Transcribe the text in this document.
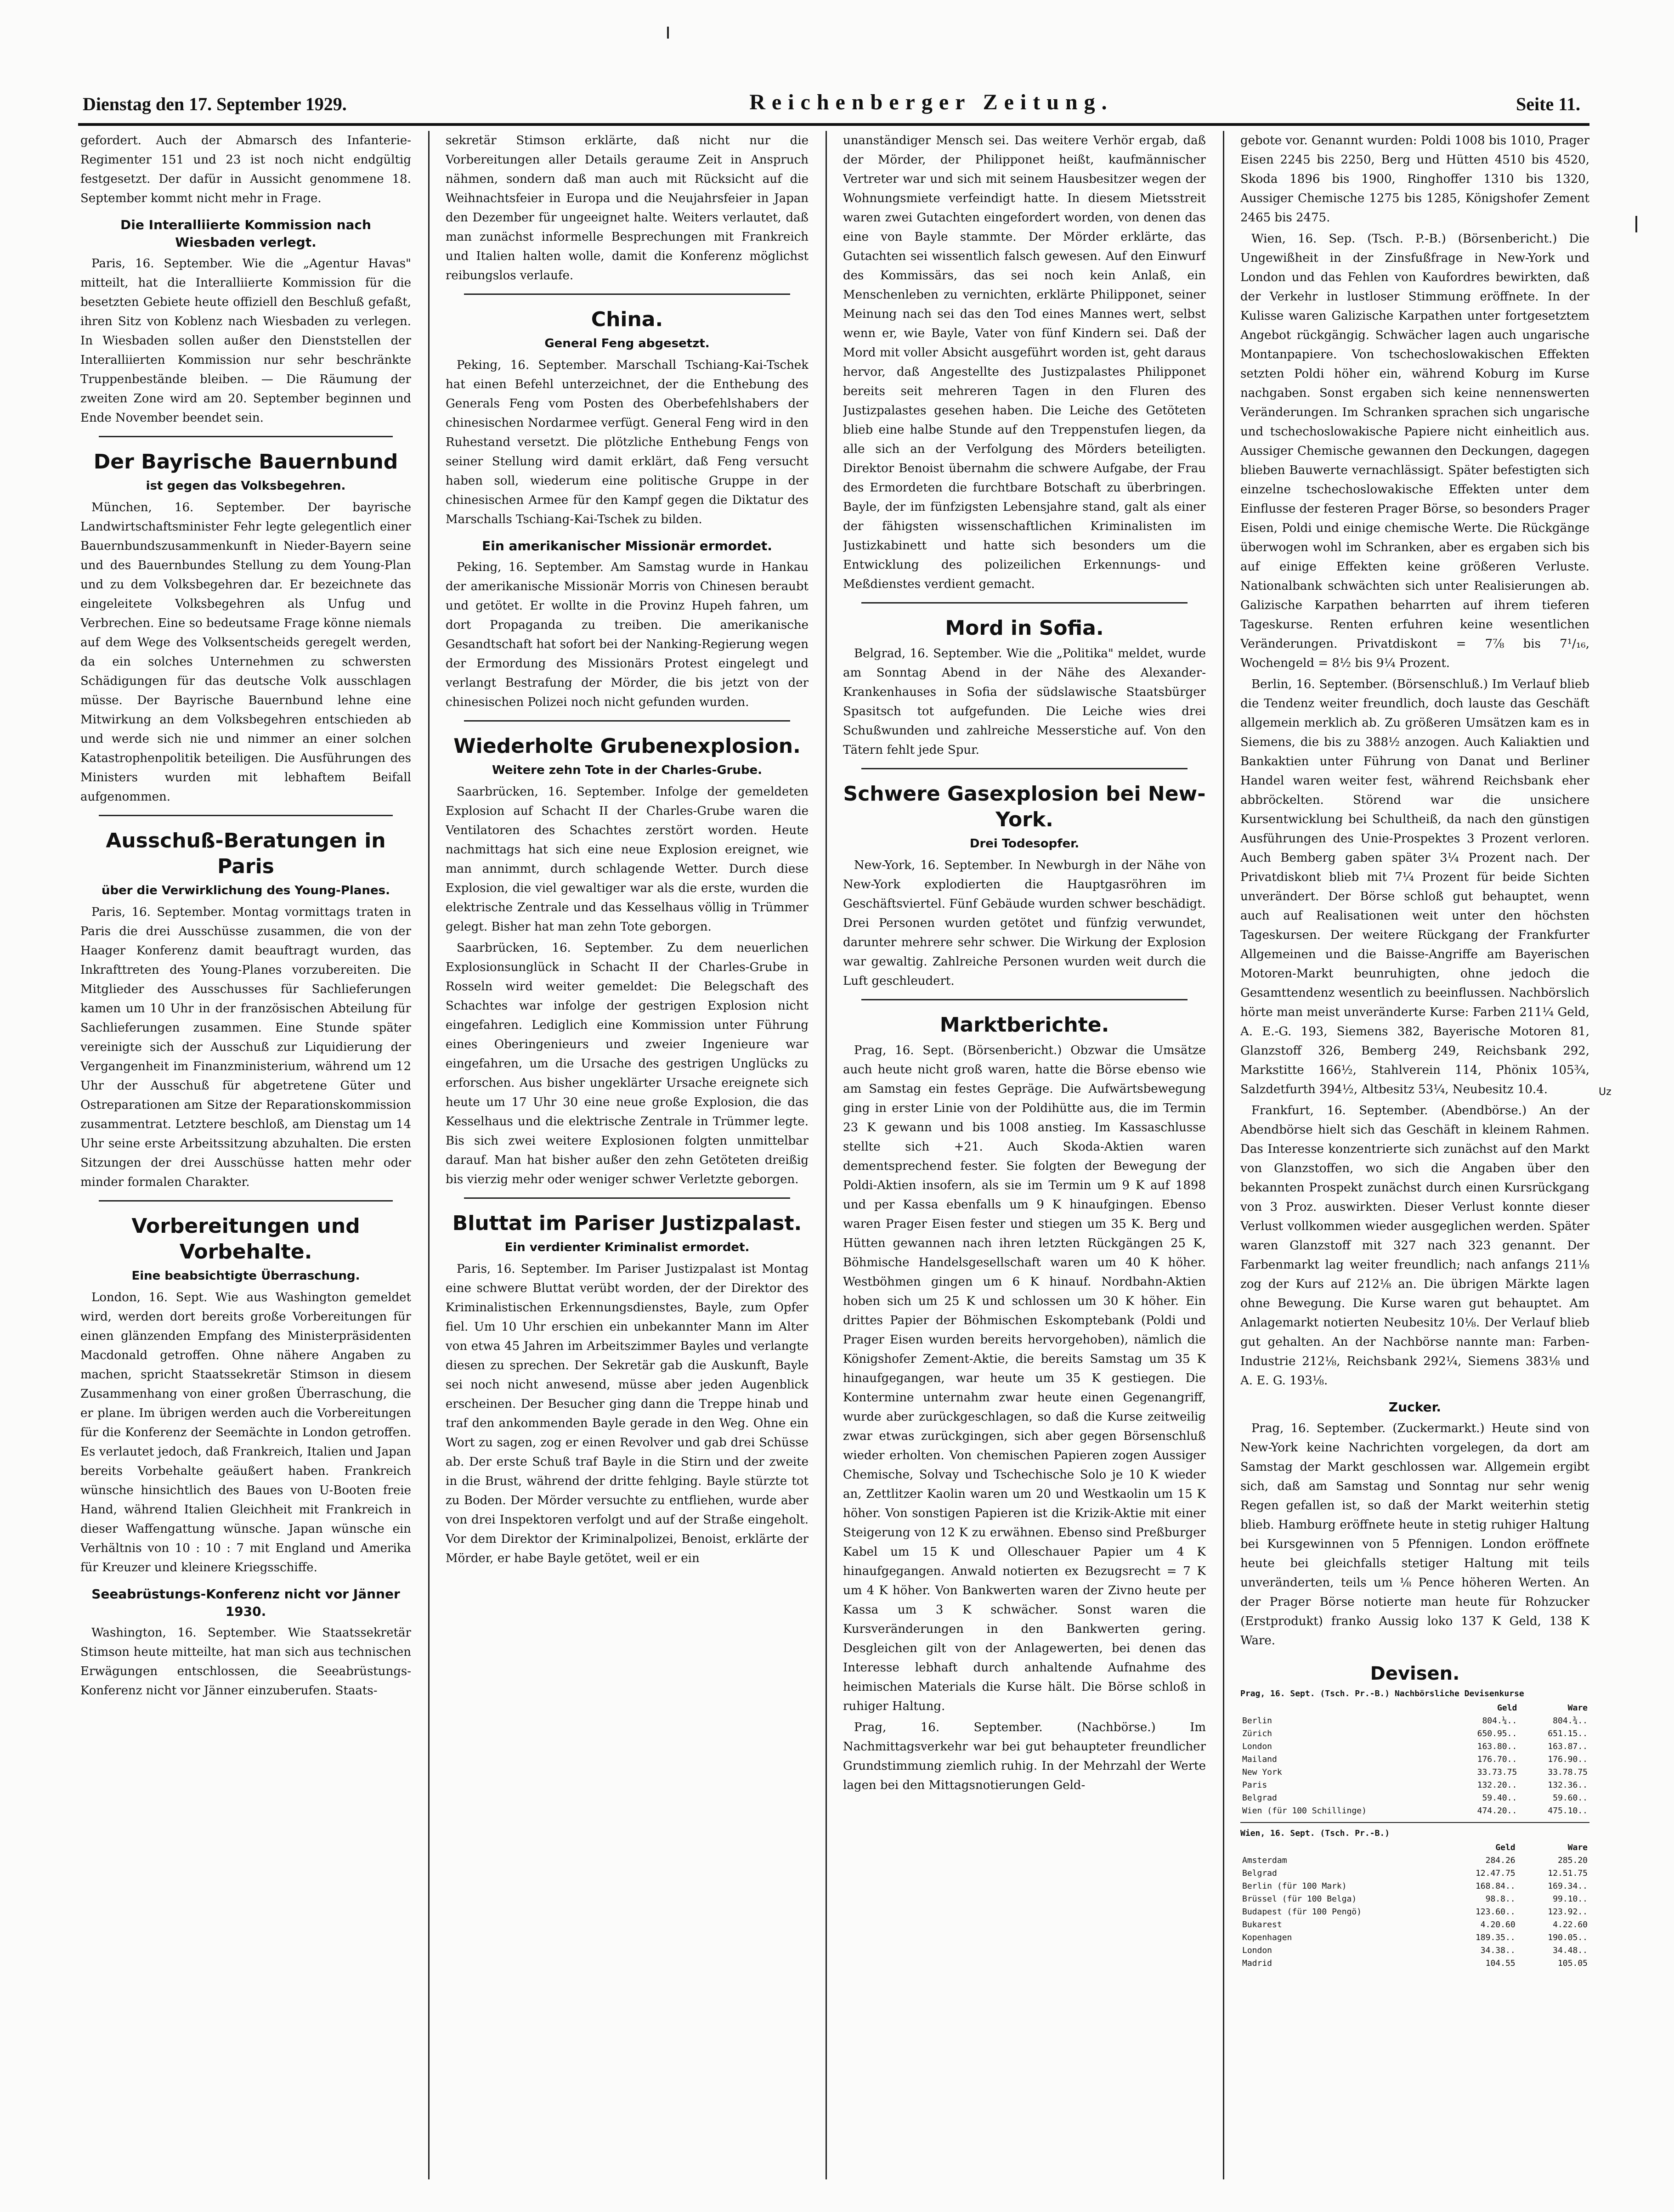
Dienstag den 17. September 1929.	Reichenberger Zeitung.	Seite 11.

gefordert. Auch der Abmarsch des Infanterie-Regimenter 151 und 23 ist noch nicht endgültig festgesetzt. Der dafür in Aussicht genommene 18. September kommt nicht mehr in Frage.

Die Interalliierte Kommission nach Wiesbaden verlegt.

Paris, 16. September. Wie die „Agentur Havas" mitteilt, hat die Interalliierte Kommission für die besetzten Gebiete heute offiziell den Beschluß gefaßt, ihren Sitz von Koblenz nach Wiesbaden zu verlegen. In Wiesbaden sollen außer den Dienststellen der Interalliierten Kommission nur sehr beschränkte Truppenbestände bleiben. — Die Räumung der zweiten Zone wird am 20. September beginnen und Ende November beendet sein.

Der Bayrische Bauernbund
ist gegen das Volksbegehren.

München, 16. September. Der bayrische Landwirtschaftsminister Fehr legte gelegentlich einer Bauernbundszusammenkunft in Nieder-Bayern seine und des Bauernbundes Stellung zu dem Young-Plan und zu dem Volksbegehren dar. Er bezeichnete das eingeleitete Volksbegehren als Unfug und Verbrechen. Eine so bedeutsame Frage könne niemals auf dem Wege des Volksentscheids geregelt werden, da ein solches Unternehmen zu schwersten Schädigungen für das deutsche Volk ausschlagen müsse. Der Bayrische Bauernbund lehne eine Mitwirkung an dem Volksbegehren entschieden ab und werde sich nie und nimmer an einer solchen Katastrophenpolitik beteiligen. Die Ausführungen des Ministers wurden mit lebhaftem Beifall aufgenommen.

Ausschuß-Beratungen in Paris
über die Verwirklichung des Young-Planes.

Paris, 16. September. Montag vormittags traten in Paris die drei Ausschüsse zusammen, die von der Haager Konferenz damit beauftragt wurden, das Inkrafttreten des Young-Planes vorzubereiten. Die Mitglieder des Ausschusses für Sachlieferungen kamen um 10 Uhr in der französischen Abteilung für Sachlieferungen zusammen. Eine Stunde später vereinigte sich der Ausschuß zur Liquidierung der Vergangenheit im Finanzministerium, während um 12 Uhr der Ausschuß für abgetretene Güter und Ostreparationen am Sitze der Reparationskommission zusammentrat. Letztere beschloß, am Dienstag um 14 Uhr seine erste Arbeitssitzung abzuhalten. Die ersten Sitzungen der drei Ausschüsse hatten mehr oder minder formalen Charakter.

Vorbereitungen und Vorbehalte.
Eine beabsichtigte Überraschung.

London, 16. Sept. Wie aus Washington gemeldet wird, werden dort bereits große Vorbereitungen für einen glänzenden Empfang des Ministerpräsidenten Macdonald getroffen. Ohne nähere Angaben zu machen, spricht Staatssekretär Stimson in diesem Zusammenhang von einer großen Überraschung, die er plane. Im übrigen werden auch die Vorbereitungen für die Konferenz der Seemächte in London getroffen. Es verlautet jedoch, daß Frankreich, Italien und Japan bereits Vorbehalte geäußert haben. Frankreich wünsche hinsichtlich des Baues von U-Booten freie Hand, während Italien Gleichheit mit Frankreich in dieser Waffengattung wünsche. Japan wünsche ein Verhältnis von 10 : 10 : 7 mit England und Amerika für Kreuzer und kleinere Kriegsschiffe.

Seeabrüstungs-Konferenz nicht vor Jänner 1930.

Washington, 16. September. Wie Staatssekretär Stimson heute mitteilte, hat man sich aus technischen Erwägungen entschlossen, die Seeabrüstungs-Konferenz nicht vor Jänner einzuberufen. Staats-

sekretär Stimson erklärte, daß nicht nur die Vorbereitungen aller Details geraume Zeit in Anspruch nähmen, sondern daß man auch mit Rücksicht auf die Weihnachtsfeier in Europa und die Neujahrsfeier in Japan den Dezember für ungeeignet halte. Weiters verlautet, daß man zunächst informelle Besprechungen mit Frankreich und Italien halten wolle, damit die Konferenz möglichst reibungslos verlaufe.

China.
General Feng abgesetzt.

Peking, 16. September. Marschall Tschiang-Kai-Tschek hat einen Befehl unterzeichnet, der die Enthebung des Generals Feng vom Posten des Oberbefehlshabers der chinesischen Nordarmee verfügt. General Feng wird in den Ruhestand versetzt. Die plötzliche Enthebung Fengs von seiner Stellung wird damit erklärt, daß Feng versucht haben soll, wiederum eine politische Gruppe in der chinesischen Armee für den Kampf gegen die Diktatur des Marschalls Tschiang-Kai-Tschek zu bilden.

Ein amerikanischer Missionär ermordet.

Peking, 16. September. Am Samstag wurde in Hankau der amerikanische Missionär Morris von Chinesen beraubt und getötet. Er wollte in die Provinz Hupeh fahren, um dort Propaganda zu treiben. Die amerikanische Gesandtschaft hat sofort bei der Nanking-Regierung wegen der Ermordung des Missionärs Protest eingelegt und verlangt Bestrafung der Mörder, die bis jetzt von der chinesischen Polizei noch nicht gefunden wurden.

Wiederholte Grubenexplosion.
Weitere zehn Tote in der Charles-Grube.

Saarbrücken, 16. September. Infolge der gemeldeten Explosion auf Schacht II der Charles-Grube waren die Ventilatoren des Schachtes zerstört worden. Heute nachmittags hat sich eine neue Explosion ereignet, wie man annimmt, durch schlagende Wetter. Durch diese Explosion, die viel gewaltiger war als die erste, wurden die elektrische Zentrale und das Kesselhaus völlig in Trümmer gelegt. Bisher hat man zehn Tote geborgen.

Saarbrücken, 16. September. Zu dem neuerlichen Explosionsunglück in Schacht II der Charles-Grube in Rosseln wird weiter gemeldet: Die Belegschaft des Schachtes war infolge der gestrigen Explosion nicht eingefahren. Lediglich eine Kommission unter Führung eines Oberingenieurs und zweier Ingenieure war eingefahren, um die Ursache des gestrigen Unglücks zu erforschen. Aus bisher ungeklärter Ursache ereignete sich heute um 17 Uhr 30 eine neue große Explosion, die das Kesselhaus und die elektrische Zentrale in Trümmer legte. Bis sich zwei weitere Explosionen folgten unmittelbar darauf. Man hat bisher außer den zehn Getöteten dreißig bis vierzig mehr oder weniger schwer Verletzte geborgen.

Bluttat im Pariser Justizpalast.
Ein verdienter Kriminalist ermordet.

Paris, 16. September. Im Pariser Justizpalast ist Montag eine schwere Bluttat verübt worden, der der Direktor des Kriminalistischen Erkennungsdienstes, Bayle, zum Opfer fiel. Um 10 Uhr erschien ein unbekannter Mann im Alter von etwa 45 Jahren im Arbeitszimmer Bayles und verlangte diesen zu sprechen. Der Sekretär gab die Auskunft, Bayle sei noch nicht anwesend, müsse aber jeden Augenblick erscheinen. Der Besucher ging dann die Treppe hinab und traf den ankommenden Bayle gerade in den Weg. Ohne ein Wort zu sagen, zog er einen Revolver und gab drei Schüsse ab. Der erste Schuß traf Bayle in die Stirn und der zweite in die Brust, während der dritte fehlging. Bayle stürzte tot zu Boden. Der Mörder versuchte zu entfliehen, wurde aber von drei Inspektoren verfolgt und auf der Straße eingeholt. Vor dem Direktor der Kriminalpolizei, Benoist, erklärte der Mörder, er habe Bayle getötet, weil er ein

unanständiger Mensch sei. Das weitere Verhör ergab, daß der Mörder, der Philipponet heißt, kaufmännischer Vertreter war und sich mit seinem Hausbesitzer wegen der Wohnungsmiete verfeindigt hatte. In diesem Mietsstreit waren zwei Gutachten eingefordert worden, von denen das eine von Bayle stammte. Der Mörder erklärte, das Gutachten sei wissentlich falsch gewesen. Auf den Einwurf des Kommissärs, das sei noch kein Anlaß, ein Menschenleben zu vernichten, erklärte Philipponet, seiner Meinung nach sei das den Tod eines Mannes wert, selbst wenn er, wie Bayle, Vater von fünf Kindern sei. Daß der Mord mit voller Absicht ausgeführt worden ist, geht daraus hervor, daß Angestellte des Justizpalastes Philipponet bereits seit mehreren Tagen in den Fluren des Justizpalastes gesehen haben. Die Leiche des Getöteten blieb eine halbe Stunde auf den Treppenstufen liegen, da alle sich an der Verfolgung des Mörders beteiligten. Direktor Benoist übernahm die schwere Aufgabe, der Frau des Ermordeten die furchtbare Botschaft zu überbringen. Bayle, der im fünfzigsten Lebensjahre stand, galt als einer der fähigsten wissenschaftlichen Kriminalisten im Justizkabinett und hatte sich besonders um die Entwicklung des polizeilichen Erkennungs- und Meßdienstes verdient gemacht.

Mord in Sofia.

Belgrad, 16. September. Wie die „Politika" meldet, wurde am Sonntag Abend in der Nähe des Alexander-Krankenhauses in Sofia der südslawische Staatsbürger Spasitsch tot aufgefunden. Die Leiche wies drei Schußwunden und zahlreiche Messerstiche auf. Von den Tätern fehlt jede Spur.

Schwere Gasexplosion bei New-York.
Drei Todesopfer.

New-York, 16. September. In Newburgh in der Nähe von New-York explodierten die Hauptgasröhren im Geschäftsviertel. Fünf Gebäude wurden schwer beschädigt. Drei Personen wurden getötet und fünfzig verwundet, darunter mehrere sehr schwer. Die Wirkung der Explosion war gewaltig. Zahlreiche Personen wurden weit durch die Luft geschleudert.

Marktberichte.

Prag, 16. Sept. (Börsenbericht.) Obzwar die Umsätze auch heute nicht groß waren, hatte die Börse ebenso wie am Samstag ein festes Gepräge. Die Aufwärtsbewegung ging in erster Linie von der Poldihütte aus, die im Termin 23 K gewann und bis 1008 anstieg. Im Kassaschlusse stellte sich +21. Auch Skoda-Aktien waren dementsprechend fester. Sie folgten der Bewegung der Poldi-Aktien insofern, als sie im Termin um 9 K auf 1898 und per Kassa ebenfalls um 9 K hinaufgingen. Ebenso waren Prager Eisen fester und stiegen um 35 K. Berg und Hütten gewannen nach ihren letzten Rückgängen 25 K, Böhmische Handelsgesellschaft waren um 40 K höher. Westböhmen gingen um 6 K hinauf. Nordbahn-Aktien hoben sich um 25 K und schlossen um 30 K höher. Ein drittes Papier der Böhmischen Eskomptebank (Poldi und Prager Eisen wurden bereits hervorgehoben), nämlich die Königshofer Zement-Aktie, die bereits Samstag um 35 K hinaufgegangen, war heute um 35 K gestiegen. Die Kontermine unternahm zwar heute einen Gegenangriff, wurde aber zurückgeschlagen, so daß die Kurse zeitweilig zwar etwas zurückgingen, sich aber gegen Börsenschluß wieder erholten. Von chemischen Papieren zogen Aussiger Chemische, Solvay und Tschechische Solo je 10 K wieder an, Zettlitzer Kaolin waren um 20 und Westkaolin um 15 K höher. Von sonstigen Papieren ist die Krizik-Aktie mit einer Steigerung von 12 K zu erwähnen. Ebenso sind Preßburger Kabel um 15 K und Olleschauer Papier um 4 K hinaufgegangen. Anwald notierten ex Bezugsrecht = 7 K um 4 K höher. Von Bankwerten waren der Zivno heute per Kassa um 3 K schwächer. Sonst waren die Kursveränderungen in den Bankwerten gering. Desgleichen gilt von der Anlagewerten, bei denen das Interesse lebhaft durch anhaltende Aufnahme des heimischen Materials die Kurse hält. Die Börse schloß in ruhiger Haltung.

Prag, 16. September. (Nachbörse.) Im Nachmittagsverkehr war bei gut behaupteter freundlicher Grundstimmung ziemlich ruhig. In der Mehrzahl der Werte lagen bei den Mittagsnotierungen Geld-

gebote vor. Genannt wurden: Poldi 1008 bis 1010, Prager Eisen 2245 bis 2250, Berg und Hütten 4510 bis 4520, Skoda 1896 bis 1900, Ringhoffer 1310 bis 1320, Aussiger Chemische 1275 bis 1285, Königshofer Zement 2465 bis 2475.

Wien, 16. Sep. (Tsch. P.-B.) (Börsenbericht.) Die Ungewißheit in der Zinsfußfrage in New-York und London und das Fehlen von Kaufordres bewirkten, daß der Verkehr in lustloser Stimmung eröffnete. In der Kulisse waren Galizische Karpathen unter fortgesetztem Angebot rückgängig. Schwächer lagen auch ungarische Montanpapiere. Von tschechoslowakischen Effekten setzten Poldi höher ein, während Koburg im Kurse nachgaben. Sonst ergaben sich keine nennenswerten Veränderungen. Im Schranken sprachen sich ungarische und tschechoslowakische Papiere nicht einheitlich aus. Aussiger Chemische gewannen den Deckungen, dagegen blieben Bauwerte vernachlässigt. Später befestigten sich einzelne tschechoslowakische Effekten unter dem Einflusse der festeren Prager Börse, so besonders Prager Eisen, Poldi und einige chemische Werte. Die Rückgänge überwogen wohl im Schranken, aber es ergaben sich bis auf einige Effekten keine größeren Verluste. Nationalbank schwächten sich unter Realisierungen ab. Galizische Karpathen beharrten auf ihrem tieferen Tageskurse. Renten erfuhren keine wesentlichen Veränderungen. Privatdiskont = 7⅞ bis 7¹/₁₆, Wochengeld = 8½ bis 9¼ Prozent.

Berlin, 16. September. (Börsenschluß.) Im Verlauf blieb die Tendenz weiter freundlich, doch lauste das Geschäft allgemein merklich ab. Zu größeren Umsätzen kam es in Siemens, die bis zu 388½ anzogen. Auch Kaliaktien und Bankaktien unter Führung von Danat und Berliner Handel waren weiter fest, während Reichsbank eher abbröckelten. Störend war die unsichere Kursentwicklung bei Schultheiß, da nach den günstigen Ausführungen des Unie-Prospektes 3 Prozent verloren. Auch Bemberg gaben später 3¼ Prozent nach. Der Privatdiskont blieb mit 7¼ Prozent für beide Sichten unverändert. Der Börse schloß gut behauptet, wenn auch auf Realisationen weit unter den höchsten Tageskursen. Der weitere Rückgang der Frankfurter Allgemeinen und die Baisse-Angriffe am Bayerischen Motoren-Markt beunruhigten, ohne jedoch die Gesamttendenz wesentlich zu beeinflussen. Nachbörslich hörte man meist unveränderte Kurse: Farben 211¼ Geld, A. E.-G. 193, Siemens 382, Bayerische Motoren 81, Glanzstoff 326, Bemberg 249, Reichsbank 292, Markstitte 166½, Stahlverein 114, Phönix 105¾, Salzdetfurth 394½, Altbesitz 53¼, Neubesitz 10.4.

Frankfurt, 16. September. (Abendbörse.) An der Abendbörse hielt sich das Geschäft in kleinem Rahmen. Das Interesse konzentrierte sich zunächst auf den Markt von Glanzstoffen, wo sich die Angaben über den bekannten Prospekt zunächst durch einen Kursrückgang von 3 Proz. auswirkten. Dieser Verlust konnte dieser Verlust vollkommen wieder ausgeglichen werden. Später waren Glanzstoff mit 327 nach 323 genannt. Der Farbenmarkt lag weiter freundlich; nach anfangs 211⅛ zog der Kurs auf 212⅛ an. Die übrigen Märkte lagen ohne Bewegung. Die Kurse waren gut behauptet. Am Anlagemarkt notierten Neubesitz 10⅛. Der Verlauf blieb gut gehalten. An der Nachbörse nannte man: Farben-Industrie 212⅛, Reichsbank 292¼, Siemens 383⅛ und A. E. G. 193⅛.

Zucker.

Prag, 16. September. (Zuckermarkt.) Heute sind von New-York keine Nachrichten vorgelegen, da dort am Samstag der Markt geschlossen war. Allgemein ergibt sich, daß am Samstag und Sonntag nur sehr wenig Regen gefallen ist, so daß der Markt weiterhin stetig blieb. Hamburg eröffnete heute in stetig ruhiger Haltung bei Kursgewinnen von 5 Pfennigen. London eröffnete heute bei gleichfalls stetiger Haltung mit teils unveränderten, teils um ⅛ Pence höheren Werten. An der Prager Börse notierte man heute für Rohzucker (Erstprodukt) franko Aussig loko 137 K Geld, 138 K Ware.

Devisen.
Prag, 16. Sept. (Tsch. Pr.-B.) Nachbörsliche Devisenkurse
	Geld	Ware
Berlin	804.¼..	804.¾..
Zürich	650.95..	651.15..
London	163.80..	163.87..
Mailand	176.70..	176.90..
New York	33.73.75	33.78.75
Paris	132.20..	132.36..
Belgrad	59.40..	59.60..
Wien (für 100 Schillinge)	474.20..	475.10..
Wien, 16. Sept. (Tsch. Pr.-B.)
	Geld	Ware
Amsterdam	284.26	285.20
Belgrad	12.47.75	12.51.75
Berlin (für 100 Mark)	168.84..	169.34..
Brüssel (für 100 Belga)	98.8..	99.10..
Budapest (für 100 Pengö)	123.60..	123.92..
Bukarest	4.20.60	4.22.60
Kopenhagen	189.35..	190.05..
London	34.38..	34.48..
Madrid	104.55	105.05
Uz
